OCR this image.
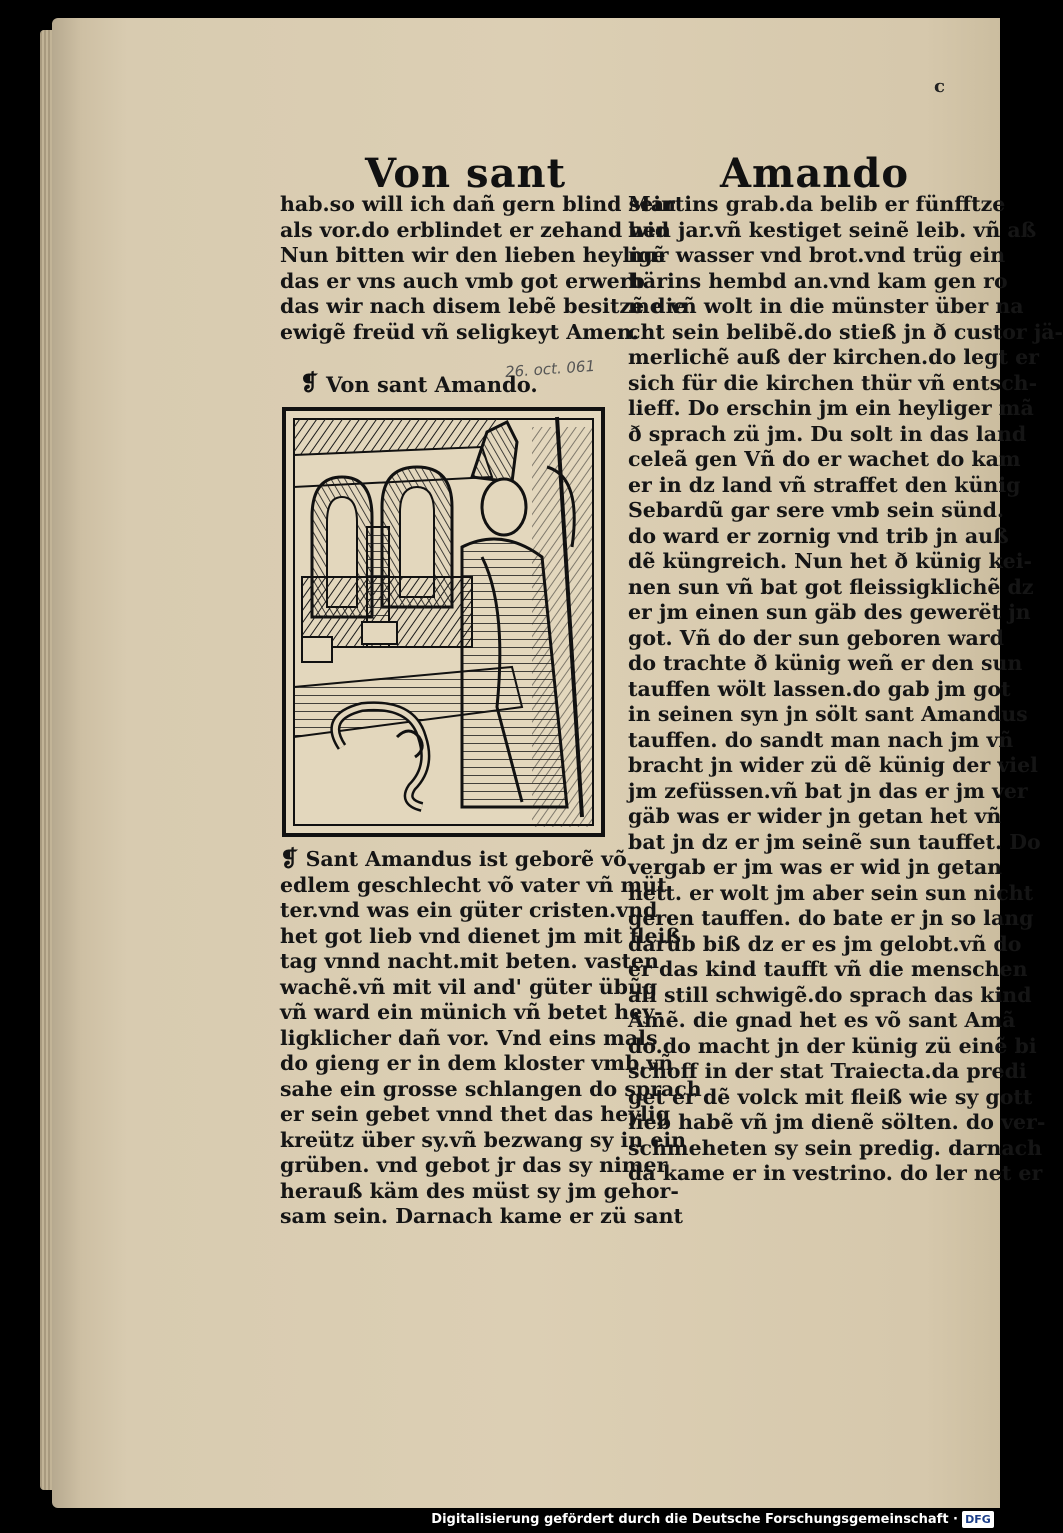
c
Von sant	Amando
hab.so will ich dañ gern blind sein
als vor.do erblindet er zehand wid
Nun bitten wir den lieben heyligẽ
das er vns auch vmb got erwerb
das wir nach disem lebẽ besitzẽ die
ewigẽ freüd vñ seligkeyt Amen.
26. oct. 061
❡ Von sant Amando.
❡ Sant Amandus ist geborẽ võ
edlem geschlecht võ vater vñ müt
ter.vnd was ein güter cristen.vnd
het got lieb vnd dienet jm mit fleiß
tag vnnd nacht.mit beten. vasten
wachẽ.vñ mit vil and' güter übũg
vñ ward ein münich vñ betet hey-
ligklicher dañ vor. Vnd eins mals
do gieng er in dem kloster vmb.vñ
sahe ein grosse schlangen do sprach
er sein gebet vnnd thet das heylig
kreütz über sy.vñ bezwang sy in ein
grüben. vnd gebot jr das sy nimer
herauß käm des müst sy jm gehor-
sam sein. Darnach kame er zü sant
Martins grab.da belib er fünfftze
hen jar.vñ kestiget seinẽ leib. vñ aß
nur wasser vnd brot.vnd trüg ein
härins hembd an.vnd kam gen ro
me vñ wolt in die münster über na
cht sein belibẽ.do stieß jn ð custor jä-
merlichẽ auß der kirchen.do legt er
sich für die kirchen thür vñ entsch-
lieff. Do erschin jm ein heyliger mã
ð sprach zü jm. Du solt in das land
celeã gen Vñ do er wachet do kam
er in dz land vñ straffet den künig
Sebardũ gar sere vmb sein sünd.
do ward er zornig vnd trib jn auß
dẽ küngreich. Nun het ð künig kei-
nen sun vñ bat got fleissigklichẽ dz
er jm einen sun gäb des gewerët jn
got. Vñ do der sun geboren ward
do trachte ð künig weñ er den sun
tauffen wölt lassen.do gab jm got
in seinen syn jn sölt sant Amandus
tauffen. do sandt man nach jm vñ
bracht jn wider zü dẽ künig der viel
jm zefüssen.vñ bat jn das er jm ver
gäb was er wider jn getan het vñ
bat jn dz er jm seinẽ sun tauffet. Do
vergab er jm was er wid jn getan
hett. er wolt jm aber sein sun nicht
geren tauffen. do bate er jn so lang
darũb biß dz er es jm gelobt.vñ do
er das kind taufft vñ die menschen
all still schwigẽ.do sprach das kind
Amẽ. die gnad het es võ sant Amã
do.do macht jn der künig zü einẽ bi
schoff in der stat Traiecta.da predi
get er dẽ volck mit fleiß wie sy gott
lieb habẽ vñ jm dienẽ sölten. do ver-
schmeheten sy sein predig. darnach
da kame er in vestrino. do ler net er
Digitalisierung gefördert durch die Deutsche Forschungsgemeinschaft · DFG
